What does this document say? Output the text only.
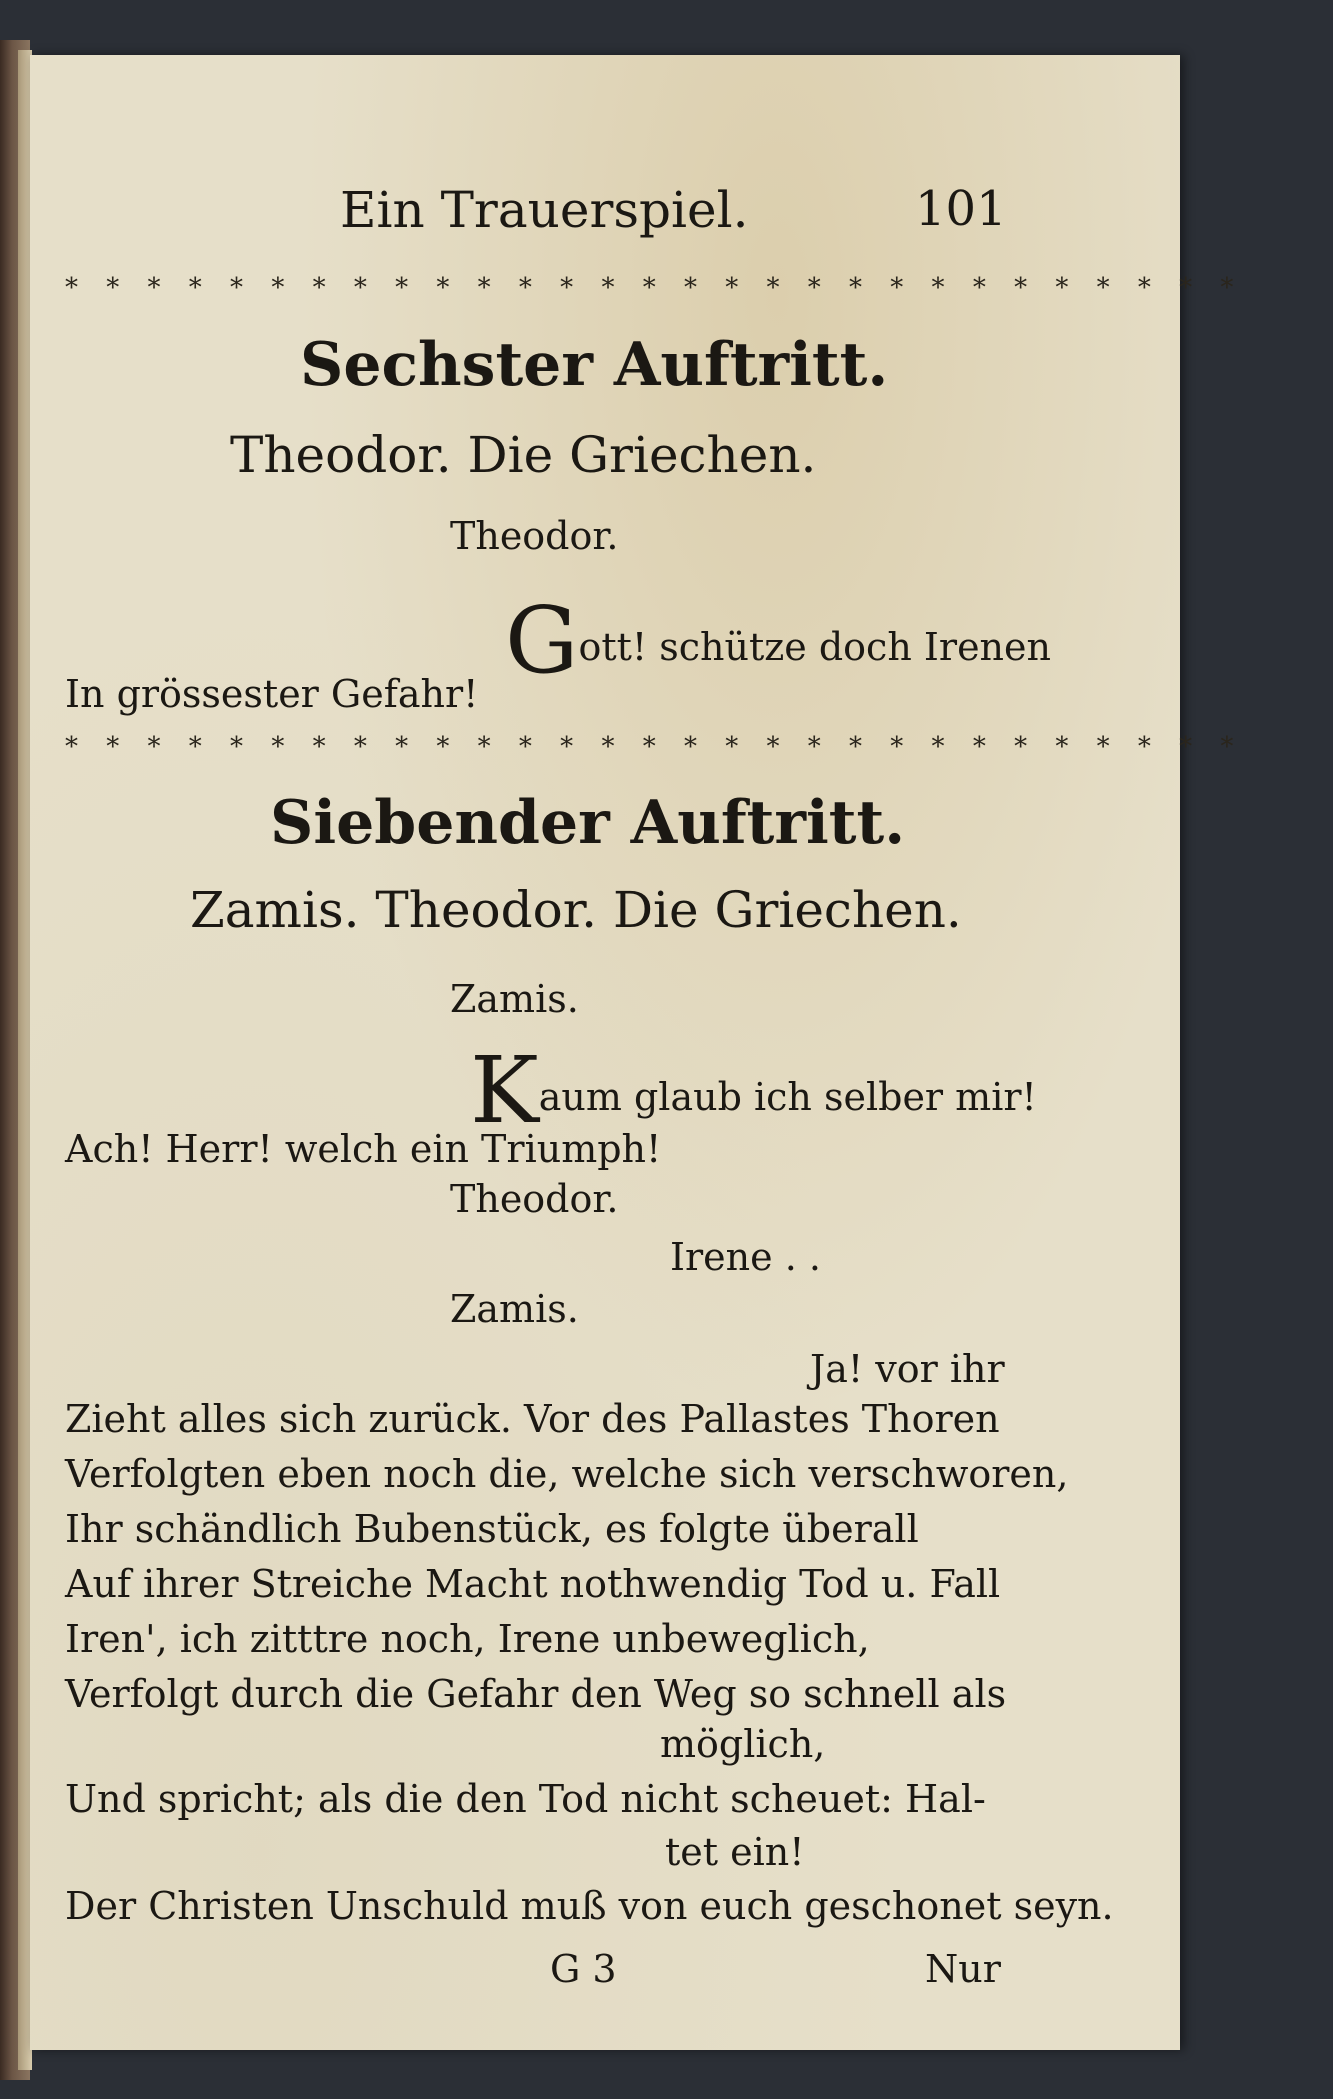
Ein Trauerspiel.	101
* * * * * * * * * * * * * * * * * * * * * * * * * * * * *
Sechster Auftritt.
Theodor. Die Griechen.
Theodor.
Gott! schütze doch Irenen
In grössester Gefahr!
* * * * * * * * * * * * * * * * * * * * * * * * * * * * *
Siebender Auftritt.
Zamis. Theodor. Die Griechen.
Zamis.
Kaum glaub ich selber mir!
Ach! Herr! welch ein Triumph!
Theodor.
Irene . .
Zamis.
Ja! vor ihr
Zieht alles sich zurück. Vor des Pallastes Thoren
Verfolgten eben noch die, welche sich verschworen,
Ihr schändlich Bubenstück, es folgte überall
Auf ihrer Streiche Macht nothwendig Tod u. Fall
Iren', ich zitttre noch, Irene unbeweglich,
Verfolgt durch die Gefahr den Weg so schnell als
möglich,
Und spricht; als die den Tod nicht scheuet: Hal-
tet ein!
Der Christen Unschuld muß von euch geschonet seyn.
G 3	Nur
